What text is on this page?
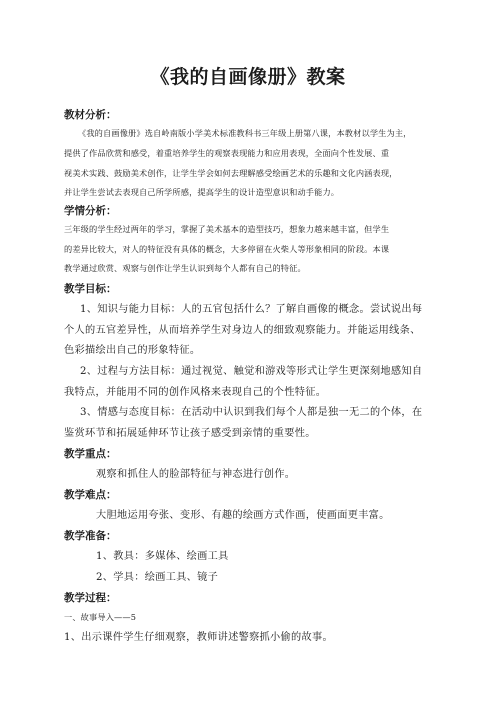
《我的自画像册》教案
教材分析：
《我的自画像册》选自岭南版小学美术标准教科书三年级上册第八课，本教材以学生为主，
提供了作品欣赏和感受，着重培养学生的观察表现能力和应用表现，全面向个性发展、重
视美术实践、鼓励美术创作，让学生学会如何去理解感受绘画艺术的乐趣和文化内涵表现，
并让学生尝试去表现自己所学所感，提高学生的设计造型意识和动手能力。
学情分析：
三年级的学生经过两年的学习，掌握了美术基本的造型技巧，想象力越来越丰富，但学生
的差异比较大，对人的特征没有具体的概念，大多停留在火柴人等形象相同的阶段。本课
教学通过欣赏、观察与创作让学生认识到每个人都有自己的特征。
教学目标：
1、知识与能力目标：人的五官包括什么？了解自画像的概念。尝试说出每
个人的五官差异性，从而培养学生对身边人的细致观察能力。并能运用线条、
色彩描绘出自己的形象特征。
2、过程与方法目标：通过视觉、触觉和游戏等形式让学生更深刻地感知自
我特点，并能用不同的创作风格来表现自己的个性特征。
3、情感与态度目标：在活动中认识到我们每个人都是独一无二的个体，在
鉴赏环节和拓展延伸环节让孩子感受到亲情的重要性。
教学重点：
观察和抓住人的脸部特征与神态进行创作。
教学难点：
大胆地运用夸张、变形、有趣的绘画方式作画，使画面更丰富。
教学准备：
1、教具：多媒体、绘画工具
2、学具：绘画工具、镜子
教学过程：
一、故事导入——5
1、出示课件学生仔细观察，教师讲述警察抓小偷的故事。
